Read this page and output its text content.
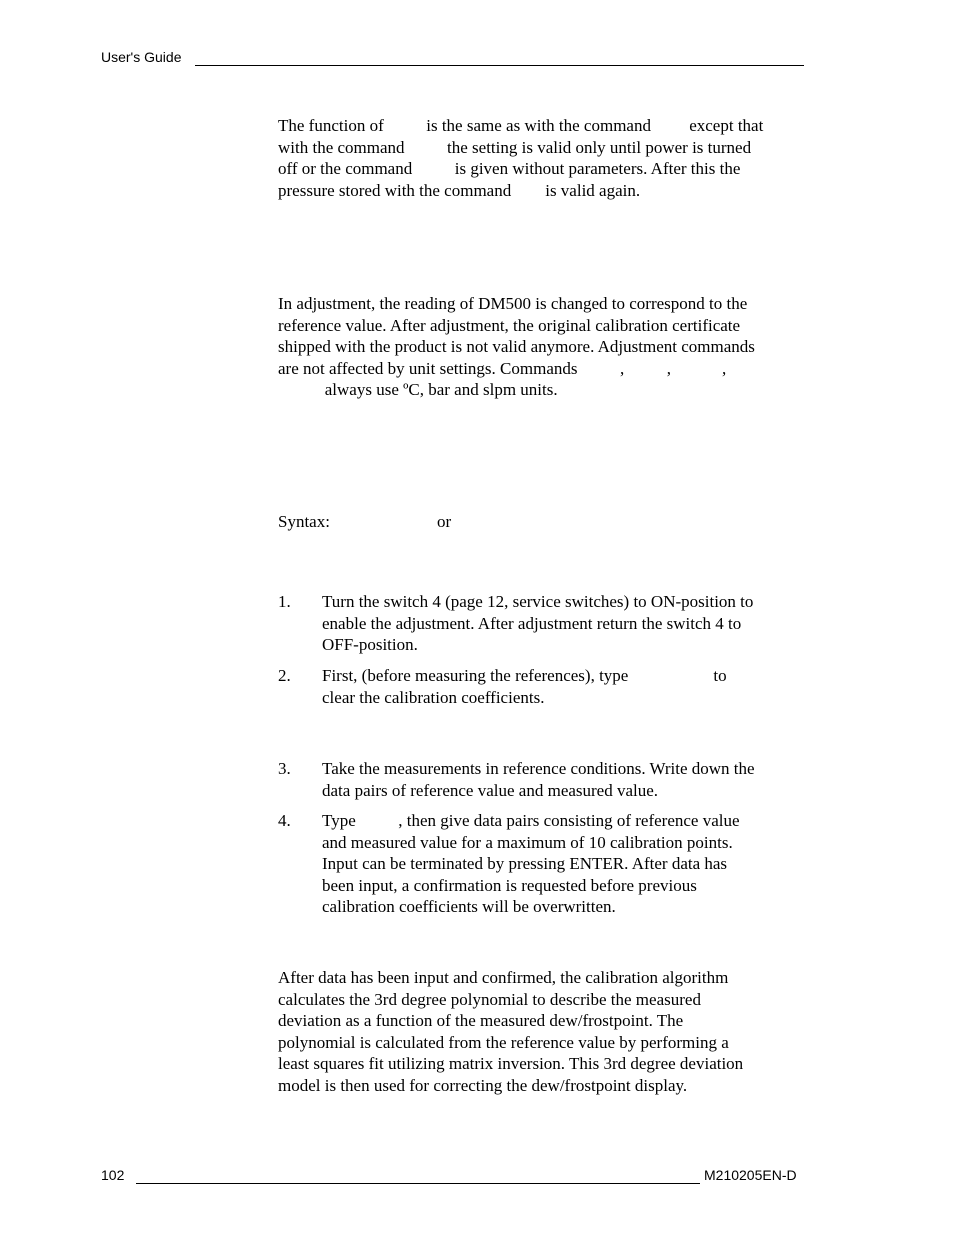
User's Guide
The function of          is the same as with the command         except that
with the command          the setting is valid only until power is turned
off or the command          is given without parameters. After this the
pressure stored with the command        is valid again.
In adjustment, the reading of DM500 is changed to correspond to the
reference value. After adjustment, the original calibration certificate
shipped with the product is not valid anymore. Adjustment commands
are not affected by unit settings. Commands          ,          ,            ,
always use ºC, bar and slpm units.
Syntax:	or
1. Turn the switch 4 (page 12, service switches) to ON-position to
enable the adjustment. After adjustment return the switch 4 to
OFF-position.
2. First, (before measuring the references), type                    to
clear the calibration coefficients.
3. Take the measurements in reference conditions. Write down the
data pairs of reference value and measured value.
4. Type          , then give data pairs consisting of reference value
and measured value for a maximum of 10 calibration points.
Input can be terminated by pressing ENTER. After data has
been input, a confirmation is requested before previous
calibration coefficients will be overwritten.
After data has been input and confirmed, the calibration algorithm
calculates the 3rd degree polynomial to describe the measured
deviation as a function of the measured dew/frostpoint. The
polynomial is calculated from the reference value by performing a
least squares fit utilizing matrix inversion. This 3rd degree deviation
model is then used for correcting the dew/frostpoint display.
102	M210205EN-D
